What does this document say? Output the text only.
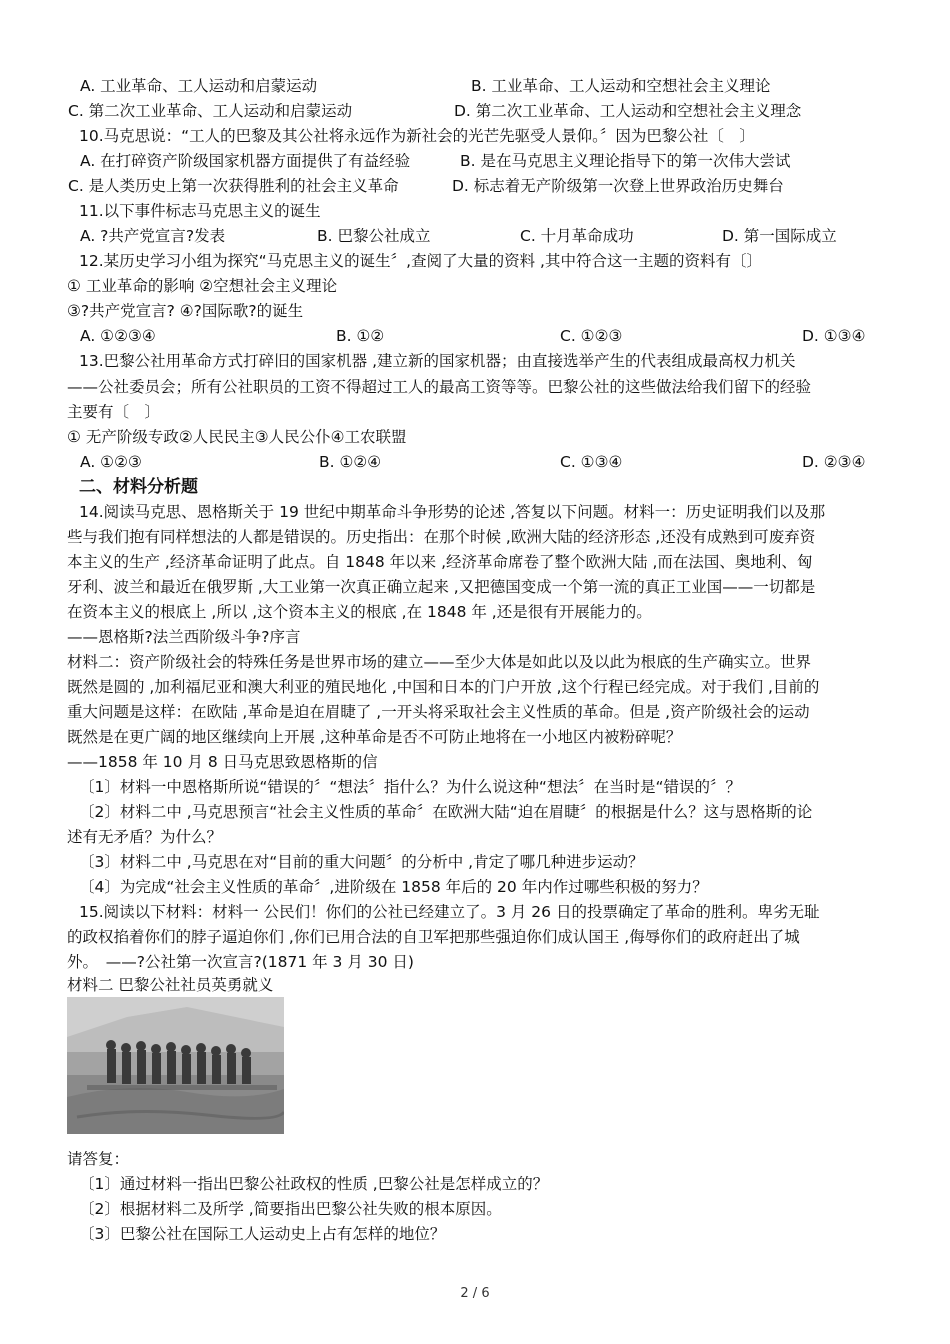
A. 工业革命、工人运动和启蒙运动	B. 工业革命、工人运动和空想社会主义理论
C. 第二次工业革命、工人运动和启蒙运动	D. 第二次工业革命、工人运动和空想社会主义理念
10.马克思说：“工人的巴黎及其公社将永远作为新社会的光芒先驱受人景仰。〞因为巴黎公社〔　〕
A. 在打碎资产阶级国家机器方面提供了有益经验	B. 是在马克思主义理论指导下的第一次伟大尝试
C. 是人类历史上第一次获得胜利的社会主义革命	D. 标志着无产阶级第一次登上世界政治历史舞台
11.以下事件标志马克思主义的诞生
A. ?共产党宣言?发表	B. 巴黎公社成立	C. 十月革命成功	D. 第一国际成立
12.某历史学习小组为探究“马克思主义的诞生〞,查阅了大量的资料 ,其中符合这一主题的资料有〔〕
① 工业革命的影响 ②空想社会主义理论
③?共产党宣言? ④?国际歌?的诞生
A. ①②③④	B. ①②	C. ①②③	D. ①③④
13.巴黎公社用革命方式打碎旧的国家机器 ,建立新的国家机器；由直接选举产生的代表组成最高权力机关
——公社委员会；所有公社职员的工资不得超过工人的最高工资等等。巴黎公社的这些做法给我们留下的经验
主要有〔　〕
① 无产阶级专政②人民民主③人民公仆④工农联盟
A. ①②③	B. ①②④	C. ①③④	D. ②③④
二、材料分析题
14.阅读马克思、恩格斯关于 19 世纪中期革命斗争形势的论述 ,答复以下问题。材料一：历史证明我们以及那
些与我们抱有同样想法的人都是错误的。历史指出：在那个时候 ,欧洲大陆的经济形态 ,还没有成熟到可废弃资
本主义的生产 ,经济革命证明了此点。自 1848 年以来 ,经济革命席卷了整个欧洲大陆 ,而在法国、奥地利、匈
牙利、波兰和最近在俄罗斯 ,大工业第一次真正确立起来 ,又把德国变成一个第一流的真正工业国——一切都是
在资本主义的根底上 ,所以 ,这个资本主义的根底 ,在 1848 年 ,还是很有开展能力的。
——恩格斯?法兰西阶级斗争?序言
材料二：资产阶级社会的特殊任务是世界市场的建立——至少大体是如此以及以此为根底的生产确实立。世界
既然是圆的 ,加利福尼亚和澳大利亚的殖民地化 ,中国和日本的门户开放 ,这个行程已经完成。对于我们 ,目前的
重大问题是这样：在欧陆 ,革命是迫在眉睫了 ,一开头将采取社会主义性质的革命。但是 ,资产阶级社会的运动
既然是在更广阔的地区继续向上开展 ,这种革命是否不可防止地将在一小地区内被粉碎呢？
——1858 年 10 月 8 日马克思致恩格斯的信
〔1〕材料一中恩格斯所说“错误的〞“想法〞指什么？为什么说这种“想法〞在当时是“错误的〞？
〔2〕材料二中 ,马克思预言“社会主义性质的革命〞在欧洲大陆“迫在眉睫〞的根据是什么？这与恩格斯的论
述有无矛盾？为什么？
〔3〕材料二中 ,马克思在对“目前的重大问题〞的分析中 ,肯定了哪几种进步运动？
〔4〕为完成“社会主义性质的革命〞,进阶级在 1858 年后的 20 年内作过哪些积极的努力？
15.阅读以下材料：材料一 公民们！你们的公社已经建立了。3 月 26 日的投票确定了革命的胜利。卑劣无耻
的政权掐着你们的脖子逼迫你们 ,你们已用合法的自卫军把那些强迫你们成认国王 ,侮辱你们的政府赶出了城
外。　——?公社第一次宣言?(1871 年 3 月 30 日)
材料二 巴黎公社社员英勇就义
请答复：
〔1〕通过材料一指出巴黎公社政权的性质 ,巴黎公社是怎样成立的？
〔2〕根据材料二及所学 ,简要指出巴黎公社失败的根本原因。
〔3〕巴黎公社在国际工人运动史上占有怎样的地位？
2 / 6
